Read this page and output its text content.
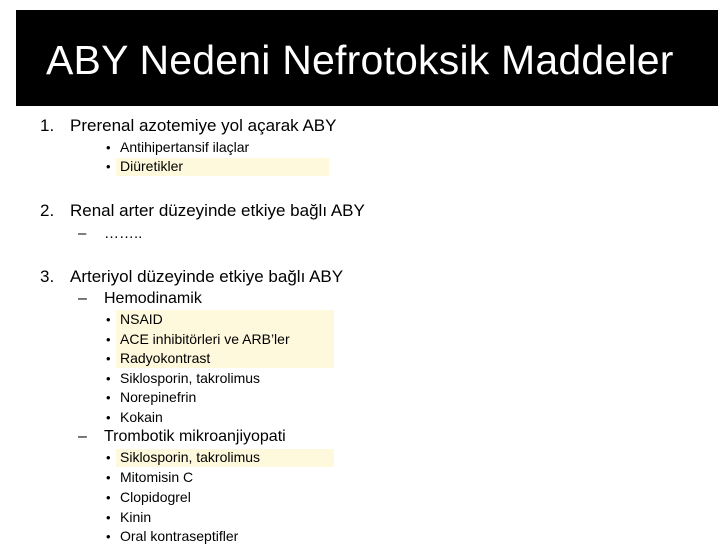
ABY Nedeni Nefrotoksik Maddeler
1. Prerenal azotemiye yol açarak ABY
• Antihipertansif ilaçlar
• Diüretikler
2. Renal arter düzeyinde etkiye bağlı ABY
– ……..
3. Arteriyol düzeyinde etkiye bağlı ABY
– Hemodinamik
• NSAID
• ACE inhibitörleri ve ARB’ler
• Radyokontrast
• Siklosporin, takrolimus
• Norepinefrin
• Kokain
– Trombotik mikroanjiyopati
• Siklosporin, takrolimus
• Mitomisin C
• Clopidogrel
• Kinin
• Oral kontraseptifler
